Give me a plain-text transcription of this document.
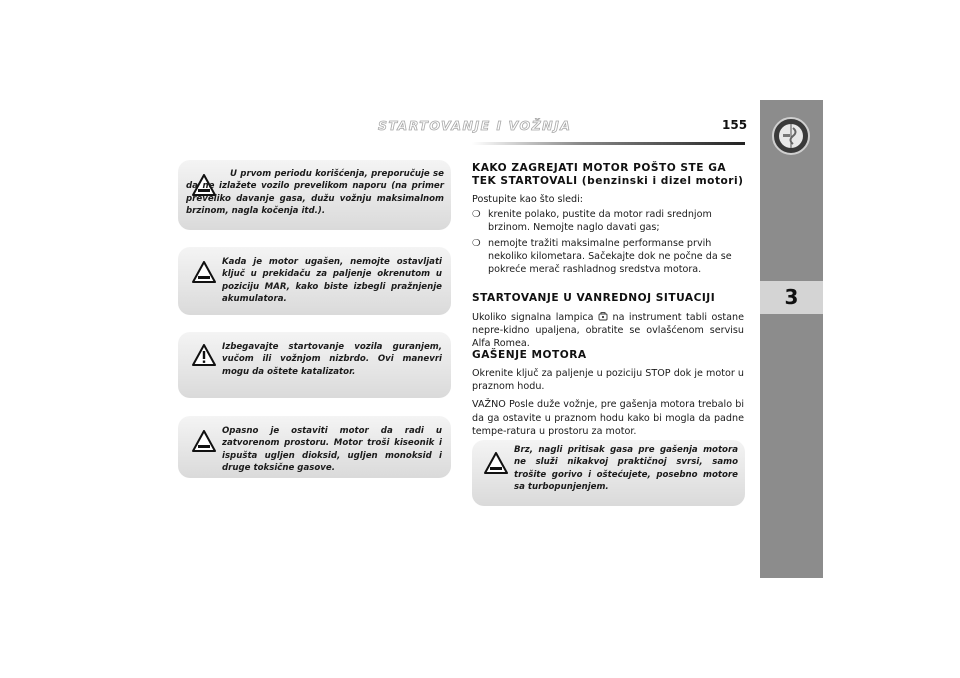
STARTOVANJE I VOŽNJA	155
3

U prvom periodu korišćenja, preporučuje se da ne izlažete vozilo prevelikom naporu (na primer preveliko davanje gasa, dužu vožnju maksimalnom brzinom, nagla kočenja itd.).

Kada je motor ugašen, nemojte ostavljati ključ u prekidaču za paljenje okrenutom u poziciju MAR, kako biste izbegli pražnjenje akumulatora.

Izbegavajte startovanje vozila guranjem, vučom ili vožnjom nizbrdo. Ovi manevri mogu da oštete katalizator.

Opasno je ostaviti motor da radi u zatvorenom prostoru. Motor troši kiseonik i ispušta ugljen dioksid, ugljen monoksid i druge toksične gasove.

KAKO ZAGREJATI MOTOR POŠTO STE GA

TEK STARTOVALI (benzinski i dizel motori)

Postupite kao što sledi:

❍ krenite polako, pustite da motor radi srednjom brzinom. Nemojte naglo davati gas;

❍ nemojte tražiti maksimalne performanse prvih nekoliko kilometara. Sačekajte dok ne počne da se pokreće merač rashladnog sredstva motora.

STARTOVANJE U VANREDNOJ SITUACIJI

Ukoliko signalna lampica na instrument tabli ostane nepre-kidno upaljena, obratite se ovlašćenom servisu Alfa Romea.

GAŠENJE MOTORA

Okrenite ključ za paljenje u poziciju STOP dok je motor u praznom hodu.

VAŽNO Posle duže vožnje, pre gašenja motora trebalo bi da ga ostavite u praznom hodu kako bi mogla da padne tempe-ratura u prostoru za motor.

Brz, nagli pritisak gasa pre gašenja motora ne služi nikakvoj praktičnoj svrsi, samo trošite gorivo i oštećujete, posebno motore sa turbopunjenjem.
